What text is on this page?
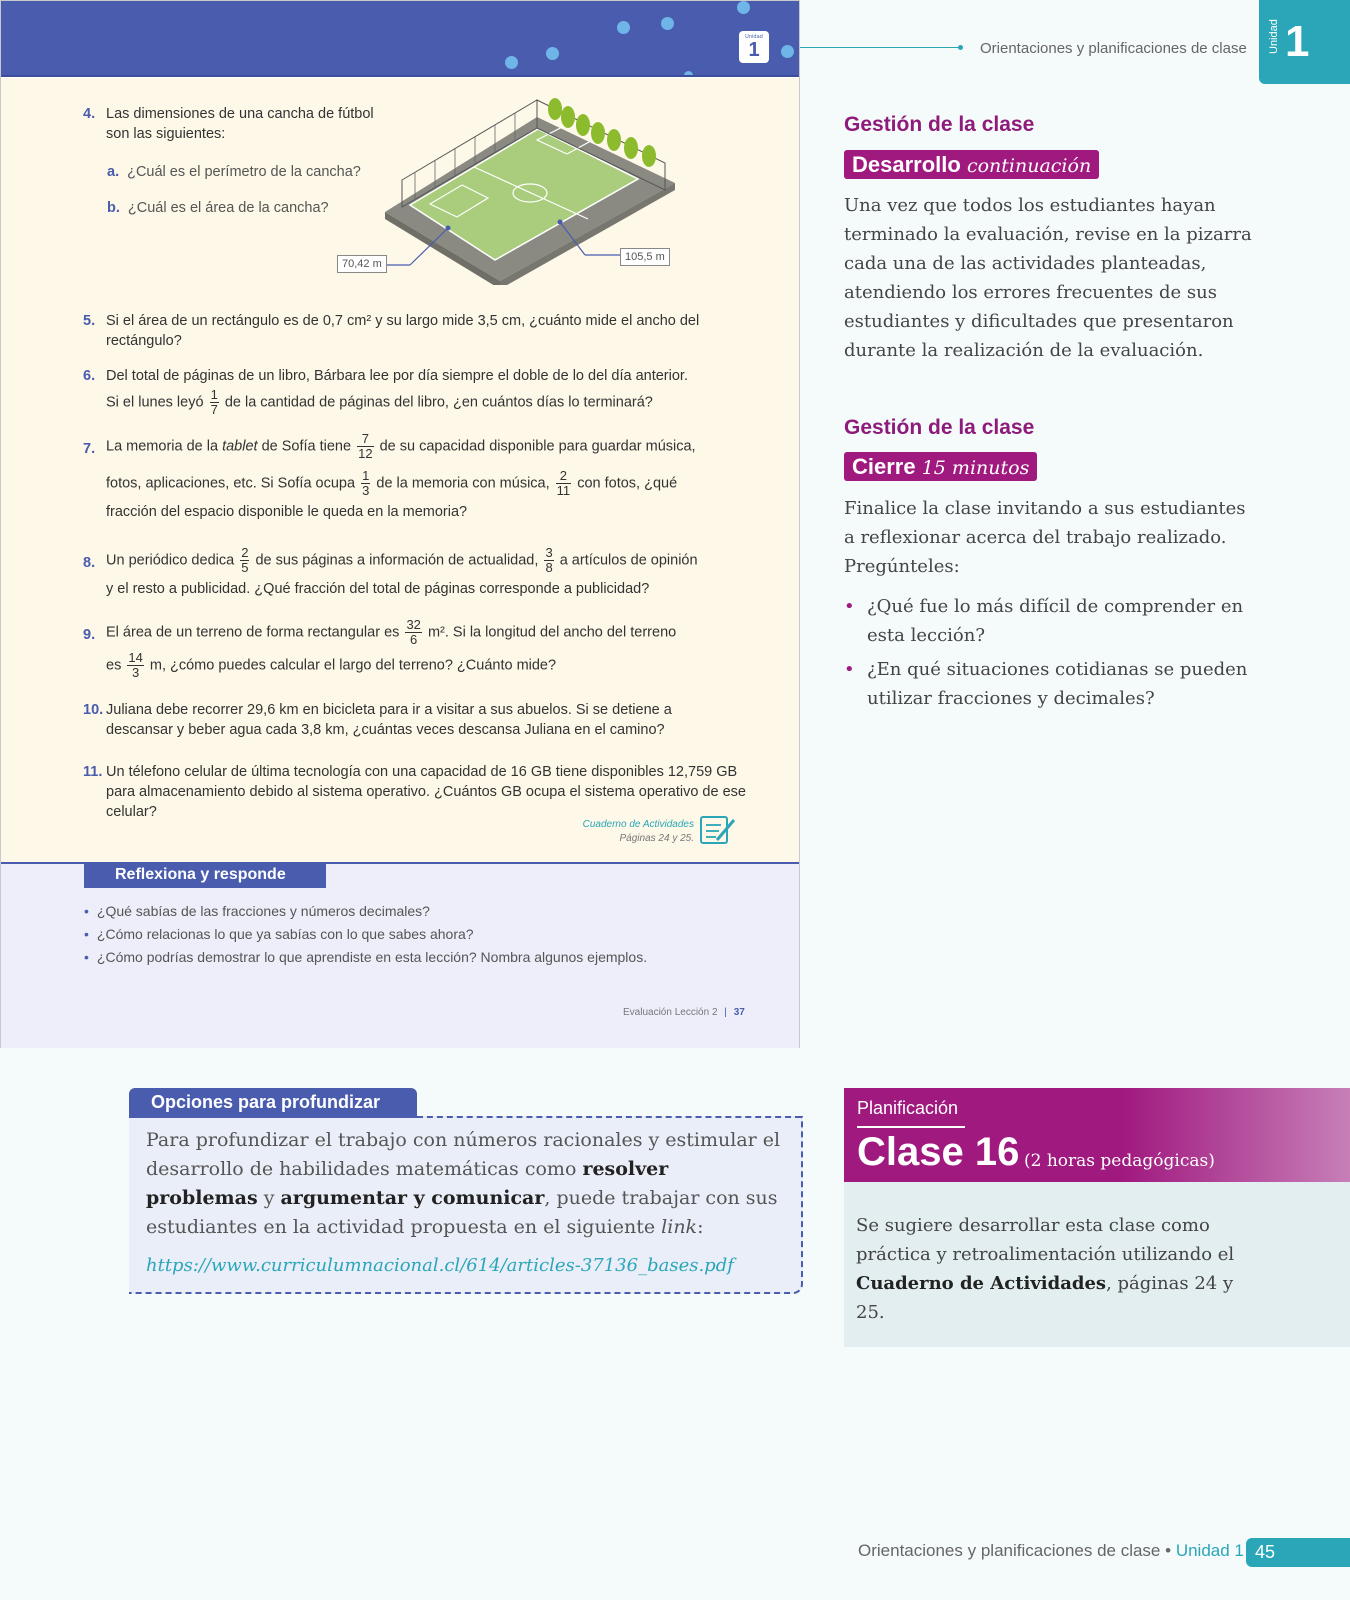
Unidad
1
4. Las dimensiones de una cancha de fútbol son las siguientes:
a. ¿Cuál es el perímetro de la cancha?
b. ¿Cuál es el área de la cancha?
70,42 m
105,5 m
5. Si el área de un rectángulo es de 0,7 cm² y su largo mide 3,5 cm, ¿cuánto mide el ancho del rectángulo?
6. Del total de páginas de un libro, Bárbara lee por día siempre el doble de lo del día anterior.
Si el lunes leyó $\frac{1}{7}$ de la cantidad de páginas del libro, ¿en cuántos días lo terminará?
7. La memoria de la tablet de Sofía tiene $\frac{7}{12}$ de su capacidad disponible para guardar música,
fotos, aplicaciones, etc. Si Sofía ocupa $\frac{1}{3}$ de la memoria con música, $\frac{2}{11}$ con fotos, ¿qué
fracción del espacio disponible le queda en la memoria?
8. Un periódico dedica $\frac{2}{5}$ de sus páginas a información de actualidad, $\frac{3}{8}$ a artículos de opinión
y el resto a publicidad. ¿Qué fracción del total de páginas corresponde a publicidad?
9. El área de un terreno de forma rectangular es $\frac{32}{6} m^2$. Si la longitud del ancho del terreno
es $\frac{14}{3} m$, ¿cómo puedes calcular el largo del terreno? ¿Cuánto mide?
10. Juliana debe recorrer 29,6 km en bicicleta para ir a visitar a sus abuelos. Si se detiene a descansar y beber agua cada 3,8 km, ¿cuántas veces descansa Juliana en el camino?
11. Un télefono celular de última tecnología con una capacidad de 16 GB tiene disponibles 12,759 GB para almacenamiento debido al sistema operativo. ¿Cuántos GB ocupa el sistema operativo de ese celular?
Cuaderno de Actividades
Páginas 24 y 25.
Reflexiona y responde
• ¿Qué sabías de las fracciones y números decimales?
• ¿Cómo relacionas lo que ya sabías con lo que sabes ahora?
• ¿Cómo podrías demostrar lo que aprendiste en esta lección? Nombra algunos ejemplos.
Evaluación Lección 2 | 37
Orientaciones y planificaciones de clase Unidad 1
Gestión de la clase
Desarrollo continuación
Una vez que todos los estudiantes hayan terminado la evaluación, revise en la pizarra cada una de las actividades planteadas, atendiendo los errores frecuentes de sus estudiantes y dificultades que presentaron durante la realización de la evaluación.
Gestión de la clase
Cierre 15 minutos
Finalice la clase invitando a sus estudiantes a reflexionar acerca del trabajo realizado. Pregúnteles:
• ¿Qué fue lo más difícil de comprender en esta lección?
• ¿En qué situaciones cotidianas se pueden utilizar fracciones y decimales?
Opciones para profundizar
Para profundizar el trabajo con números racionales y estimular el desarrollo de habilidades matemáticas como resolver problemas y argumentar y comunicar, puede trabajar con sus estudiantes en la actividad propuesta en el siguiente link:
https://www.curriculumnacional.cl/614/articles-37136_bases.pdf
Planificación
Clase 16 (2 horas pedagógicas)
Se sugiere desarrollar esta clase como práctica y retroalimentación utilizando el Cuaderno de Actividades, páginas 24 y 25.
Orientaciones y planificaciones de clase • Unidad 1 45
